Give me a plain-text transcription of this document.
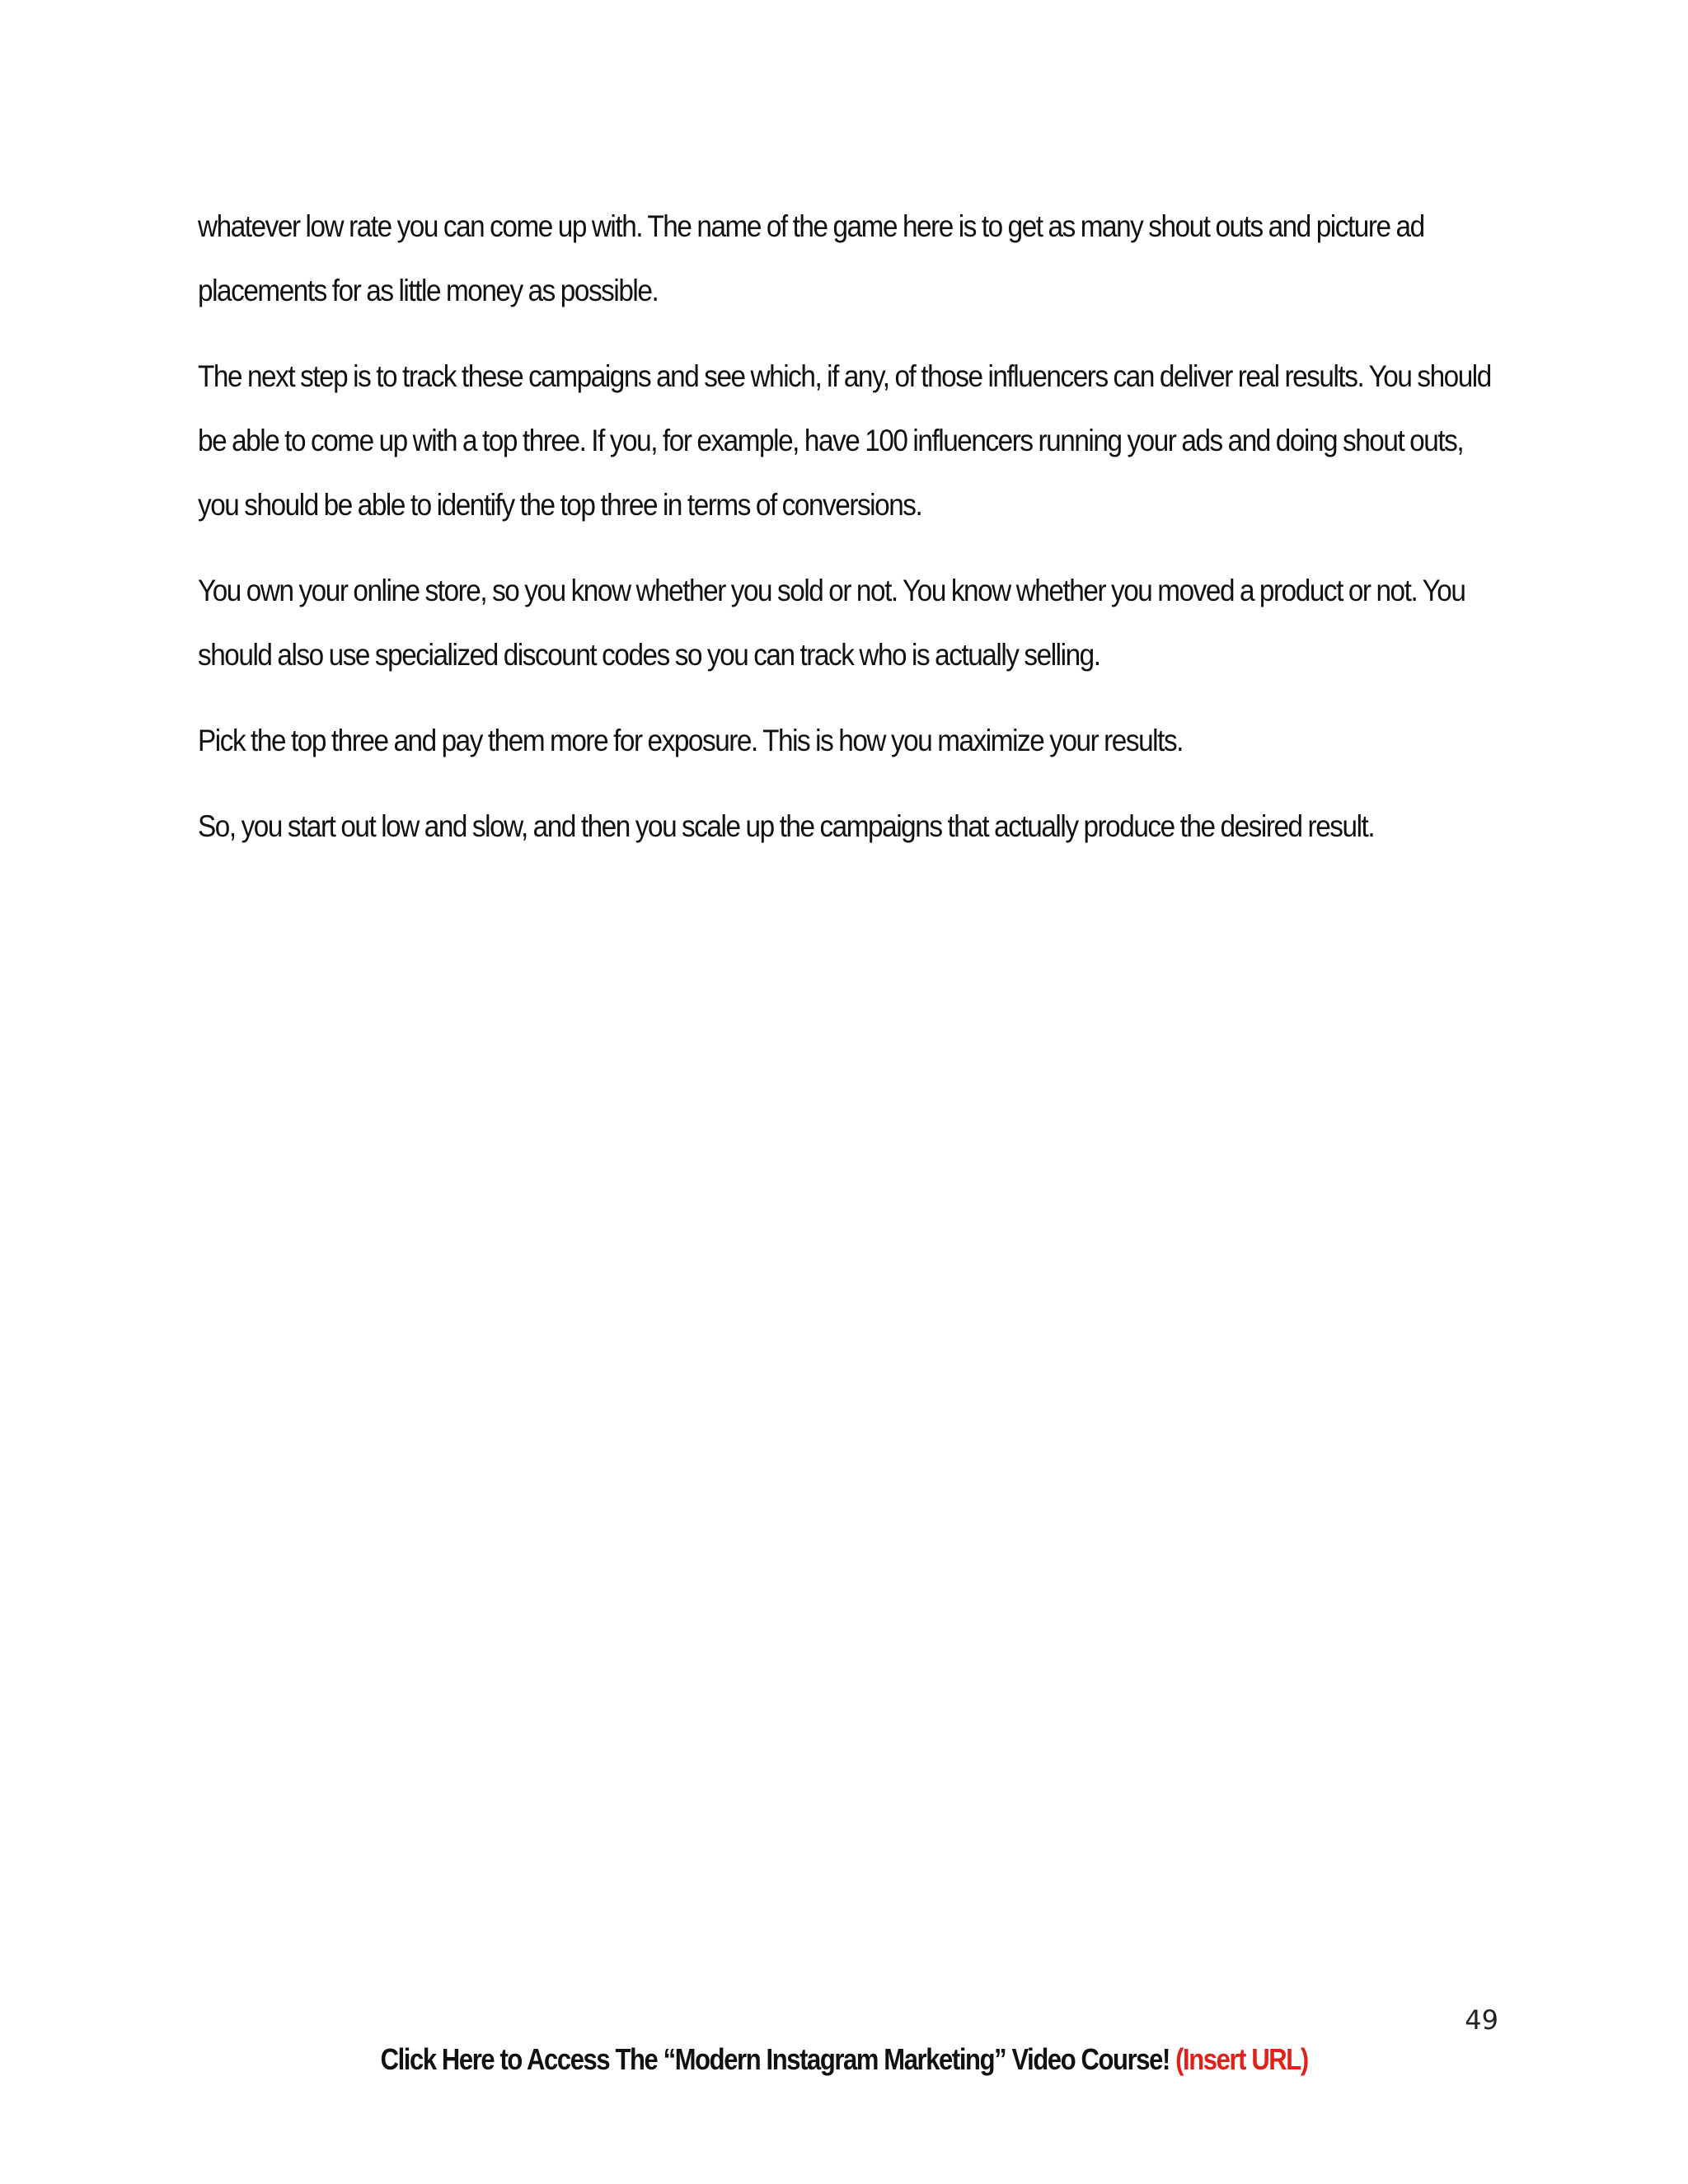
whatever low rate you can come up with. The name of the game here is to get as many shout outs and picture ad placements for as little money as possible.

The next step is to track these campaigns and see which, if any, of those influencers can deliver real results. You should be able to come up with a top three. If you, for example, have 100 influencers running your ads and doing shout outs, you should be able to identify the top three in terms of conversions.

You own your online store, so you know whether you sold or not. You know whether you moved a product or not. You should also use specialized discount codes so you can track who is actually selling.

Pick the top three and pay them more for exposure. This is how you maximize your results.

So, you start out low and slow, and then you scale up the campaigns that actually produce the desired result.

49
Click Here to Access The “Modern Instagram Marketing” Video Course! (Insert URL)
